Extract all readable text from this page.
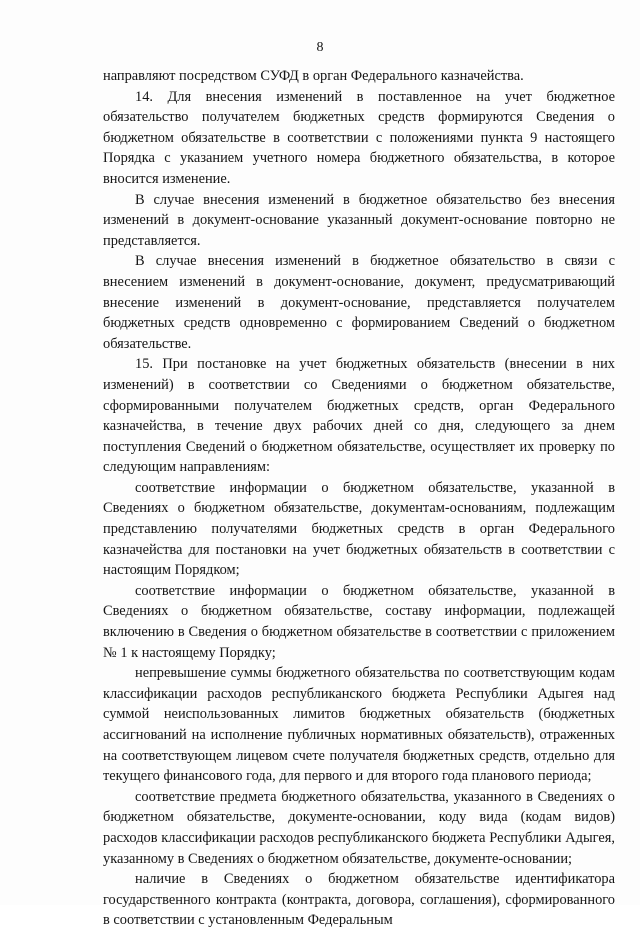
8

направляют посредством СУФД в орган Федерального казначейства.

14. Для внесения изменений в поставленное на учет бюджетное обязательство получателем бюджетных средств формируются Сведения о бюджетном обязательстве в соответствии с положениями пункта 9 настоящего Порядка с указанием учетного номера бюджетного обязательства, в которое вносится изменение.

В случае внесения изменений в бюджетное обязательство без внесения изменений в документ-основание указанный документ-основание повторно не представляется.

В случае внесения изменений в бюджетное обязательство в связи с внесением изменений в документ-основание, документ, предусматривающий внесение изменений в документ-основание, представляется получателем бюджетных средств одновременно с формированием Сведений о бюджетном обязательстве.

15. При постановке на учет бюджетных обязательств (внесении в них изменений) в соответствии со Сведениями о бюджетном обязательстве, сформированными получателем бюджетных средств, орган Федерального казначейства, в течение двух рабочих дней со дня, следующего за днем поступления Сведений о бюджетном обязательстве, осуществляет их проверку по следующим направлениям:

соответствие информации о бюджетном обязательстве, указанной в Сведениях о бюджетном обязательстве, документам-основаниям, подлежащим представлению получателями бюджетных средств в орган Федерального казначейства для постановки на учет бюджетных обязательств в соответствии с настоящим Порядком;

соответствие информации о бюджетном обязательстве, указанной в Сведениях о бюджетном обязательстве, составу информации, подлежащей включению в Сведения о бюджетном обязательстве в соответствии с приложением № 1 к настоящему Порядку;

непревышение суммы бюджетного обязательства по соответствующим кодам классификации расходов республиканского бюджета Республики Адыгея над суммой неиспользованных лимитов бюджетных обязательств (бюджетных ассигнований на исполнение публичных нормативных обязательств), отраженных на соответствующем лицевом счете получателя бюджетных средств, отдельно для текущего финансового года, для первого и для второго года планового периода;

соответствие предмета бюджетного обязательства, указанного в Сведениях о бюджетном обязательстве, документе-основании, коду вида (кодам видов) расходов классификации расходов республиканского бюджета Республики Адыгея, указанному в Сведениях о бюджетном обязательстве, документе-основании;

наличие в Сведениях о бюджетном обязательстве идентификатора государственного контракта (контракта, договора, соглашения), сформированного в соответствии с установленным Федеральным
